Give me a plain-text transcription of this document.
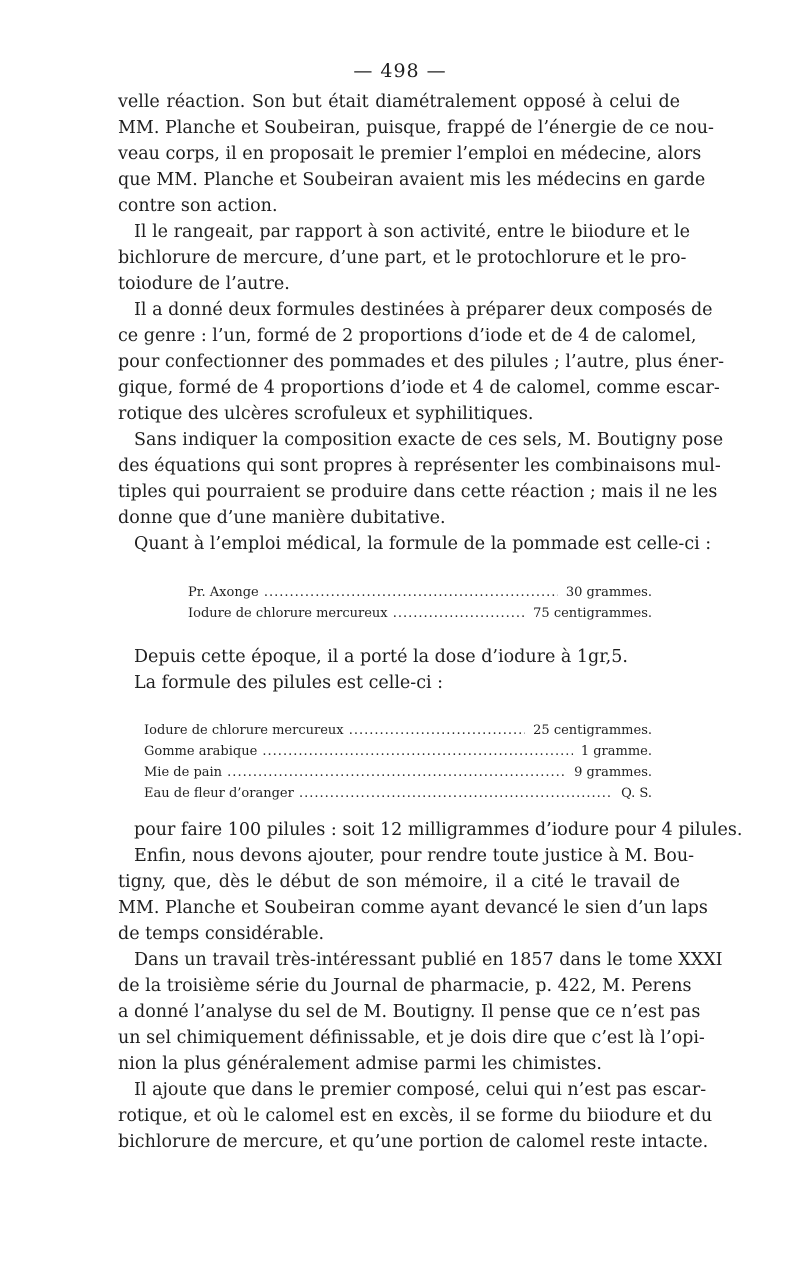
— 498 —
velle réaction. Son but était diamétralement opposé à celui de
MM. Planche et Soubeiran, puisque, frappé de l’énergie de ce nou-
veau corps, il en proposait le premier l’emploi en médecine, alors
que MM. Planche et Soubeiran avaient mis les médecins en garde
contre son action.
Il le rangeait, par rapport à son activité, entre le biiodure et le
bichlorure de mercure, d’une part, et le protochlorure et le pro-
toiodure de l’autre.
Il a donné deux formules destinées à préparer deux composés de
ce genre : l’un, formé de 2 proportions d’iode et de 4 de calomel,
pour confectionner des pommades et des pilules ; l’autre, plus éner-
gique, formé de 4 proportions d’iode et 4 de calomel, comme escar-
rotique des ulcères scrofuleux et syphilitiques.
Sans indiquer la composition exacte de ces sels, M. Boutigny pose
des équations qui sont propres à représenter les combinaisons mul-
tiples qui pourraient se produire dans cette réaction ; mais il ne les
donne que d’une manière dubitative.
Quant à l’emploi médical, la formule de la pommade est celle-ci :
Pr. Axonge .....	30 grammes.
Iodure de chlorure mercureux .....	75 centigrammes.
Depuis cette époque, il a porté la dose d’iodure à 1gr,5.
La formule des pilules est celle-ci :
Iodure de chlorure mercureux .....	25 centigrammes.
Gomme arabique .....	1 gramme.
Mie de pain .....	9 grammes.
Eau de fleur d’oranger .....	Q. S.
pour faire 100 pilules : soit 12 milligrammes d’iodure pour 4 pilules.
Enfin, nous devons ajouter, pour rendre toute justice à M. Bou-
tigny, que, dès le début de son mémoire, il a cité le travail de
MM. Planche et Soubeiran comme ayant devancé le sien d’un laps
de temps considérable.
Dans un travail très-intéressant publié en 1857 dans le tome XXXI
de la troisième série du Journal de pharmacie, p. 422, M. Perens
a donné l’analyse du sel de M. Boutigny. Il pense que ce n’est pas
un sel chimiquement définissable, et je dois dire que c’est là l’opi-
nion la plus généralement admise parmi les chimistes.
Il ajoute que dans le premier composé, celui qui n’est pas escar-
rotique, et où le calomel est en excès, il se forme du biiodure et du
bichlorure de mercure, et qu’une portion de calomel reste intacte.
